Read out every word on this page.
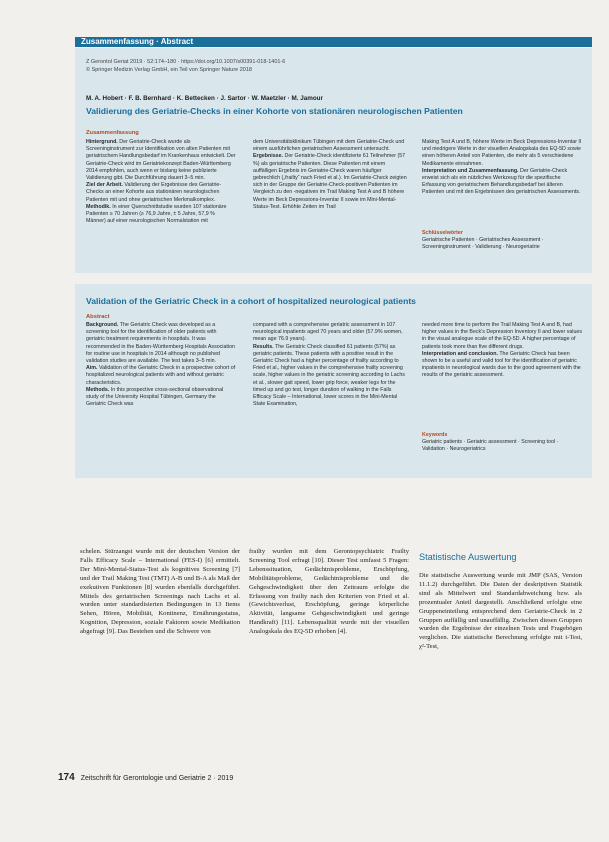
Zusammenfassung · Abstract
Z Gerontol Geriat 2019 · 52:174–180 · https://doi.org/10.1007/s00391-018-1401-6
© Springer Medizin Verlag GmbH, ein Teil von Springer Nature 2018
M. A. Hobert · F. B. Bernhard · K. Bettecken · J. Sartor · W. Maetzler · M. Jamour
Validierung des Geriatrie-Checks in einer Kohorte von stationären neurologischen Patienten
Zusammenfassung

Hintergrund. Der Geriatrie-Check wurde als Screeninginstrument zur Identifikation von alten Patienten mit geriatrischem Handlungsbedarf im Krankenhaus entwickelt. Der Geriatrie-Check wird im Geriatriekonzept Baden-Württemberg 2014 empfohlen, auch wenn er bislang keine publizierte Validierung gibt. Die Durchführung dauert 3–5 min.

Ziel der Arbeit. Validierung der Ergebnisse des Geriatrie-Checks an einer Kohorte aus stationären neurologischen Patienten mit und ohne geriatrischen Merkmalkomplex.

Methodik. In einer Querschnittstudie wurden 107 stationäre Patienten ≥ 70 Jahren (≥ 76,9 Jahre, ± 5 Jahre, 57,9 % Männer) auf einer neurologischen Normalstation mit

dem Universitätsklinikum Tübingen mit dem Geriatrie-Check und einem ausführlichen geriatrischen Assessment untersucht.

Ergebnisse. Der Geriatrie-Check identifizierte 61 Teilnehmer (57 %) als geriatrische Patienten. Diese Patienten mit einem auffälligen Ergebnis im Geriatrie-Check waren häufiger gebrechlich („frailty“ nach Fried et al.). Im Geriatrie-Check zeigten sich in der Gruppe der Geriatrie-Check-positiven Patienten im Vergleich zu den -negativen im Trail Making Test A und B höhere Werte im Beck Depressions-Inventar II sowie im Mini-Mental-Status-Test. Erhöhte Zeiten im Trail

Making Test A und B, höhere Werte im Beck Depressions-Inventar II und niedrigere Werte in der visuellen Analogskala des EQ-5D sowie einen höheren Anteil von Patienten, die mehr als 5 verschiedene Medikamente einnahmen.

Interpretation und Zusammenfassung. Der Geriatrie-Check erweist sich als ein nützliches Werkzeug für die spezifische Erfassung von geriatrischem Behandlungsbedarf bei älteren Patienten und mit den Ergebnissen des geriatrischen Assessments.

Schlüsselwörter

Geriatrische Patienten · Geriatrisches Assessment · Screeninginstrument · Validierung · Neurogeriatrie

Validation of the Geriatric Check in a cohort of hospitalized neurological patients
Abstract

Background. The Geriatric Check was developed as a screening tool for the identification of older patients with geriatric treatment requirements in hospitals. It was recommended in the Baden-Württemberg Hospitals Association for routine use in hospitals in 2014 although no published validation studies are available. The test takes 3–5 min.

Aim. Validation of the Geriatric Check in a prospective cohort of hospitalized neurological patients with and without geriatric characteristics.

Methods. In this prospective cross-sectional observational study of the University Hospital Tübingen, Germany the Geriatric Check was

compared with a comprehensive geriatric assessment in 107 neurological inpatients aged 70 years and older (57.9% women, mean age 76.9 years).

Results. The Geriatric Check classified 61 patients (57%) as geriatric patients. These patients with a positive result in the Geriatric Check had a higher percentage of frailty according to Fried et al., higher values in the comprehensive frailty screening scale, higher values in the geriatric screening according to Lachs et al., slower gait speed, lower grip force, weaker legs for the timed up and go test, longer duration of walking in the Falls Efficacy Scale – International, lower scores in the Mini-Mental State Examination,

needed more time to perform the Trail Making Test A and B, had higher values in the Beck's Depression Inventory II and lower values in the visual analogue scale of the EQ-5D. A higher percentage of patients took more than five different drugs.

Interpretation and conclusion. The Geriatric Check has been shown to be a useful and valid tool for the identification of geriatric inpatients in neurological wards due to the good agreement with the results of the geriatric assessment.

Keywords

Geriatric patients · Geriatric assessment · Screening tool · Validation · Neurogeriatrics

schelen. Stürzangst wurde mit der deutschen Version der Falls Efficacy Scale – International (FES-I) [6] ermittelt. Der Mini-Mental-Status-Test als kognitives Screening [7] und der Trail Making Test (TMT) A-B und B-A als Maß der exekutiven Funktionen [8] wurden ebenfalls durchgeführt. Mittels des geriatrischen Screenings nach Lachs et al. wurden unter standardisierten Bedingungen in 13 Items Sehen, Hören, Mobilität, Kontinenz, Ernährungsstatus, Kognition, Depression, soziale Faktoren sowie Medikation abgefragt [9]. Das Bestehen und die Schwere von

frailty wurden mit dem Gerontopsychiatric Frailty Screening Tool erfragt [10]. Dieser Test umfasst 5 Fragen: Lebenssituation, Gedächtnisprobleme, Erschöpfung, Mobilitätsprobleme, Gedächtnisprobleme und die Gehgeschwindigkeit über den Zeitraum erfolgte die Erfassung von frailty nach den Kriterien von Fried et al. (Gewichtsverlust, Erschöpfung, geringe körperliche Aktivität, langsame Gehgeschwindigkeit und geringe Handkraft) [11]. Lebensqualität wurde mit der visuellen Analogskala des EQ-5D erhoben [4].

Statistische Auswertung

Die statistische Auswertung wurde mit JMP (SAS, Version 11.1.2) durchgeführt. Die Daten der deskriptiven Statistik sind als Mittelwert und Standardabweichung bzw. als prozentualer Anteil dargestellt. Anschließend erfolgte eine Gruppeneinteilung entsprechend dem Geriatrie-Check in 2 Gruppen auffällig und unauffällig. Zwischen diesen Gruppen wurden die Ergebnisse der einzelnen Tests und Fragebögen verglichen. Die statistische Berechnung erfolgte mit t-Test, χ²-Test,

174 Zeitschrift für Gerontologie und Geriatrie 2 · 2019
